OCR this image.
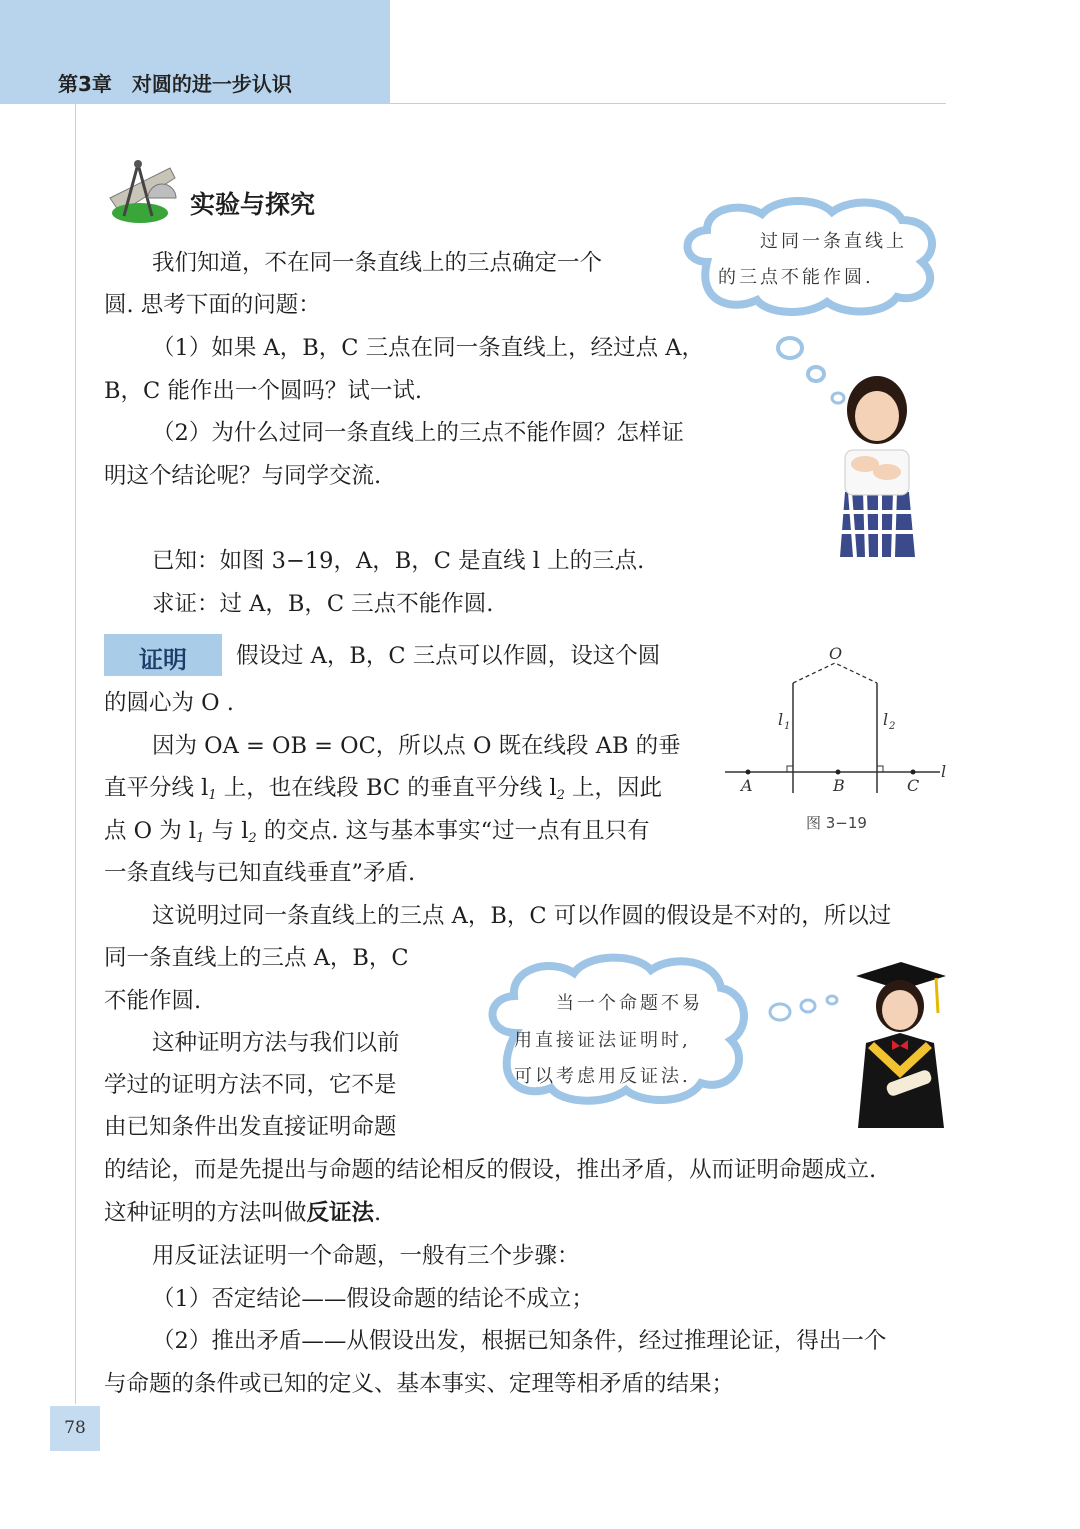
第3章　对圆的进一步认识
实验与探究
过同一条直线上
的三点不能作圆.

我们知道，不在同一条直线上的三点确定一个

圆. 思考下面的问题：

（1）如果 A，B，C 三点在同一条直线上，经过点 A，

B，C 能作出一个圆吗？试一试.

（2）为什么过同一条直线上的三点不能作圆？怎样证

明这个结论呢？与同学交流.

已知：如图 3−19，A，B，C 是直线 l 上的三点.

求证：过 A，B，C 三点不能作圆.

证明	假设过 A，B，C 三点可以作圆，设这个圆

的圆心为 O .

因为 OA = OB = OC，所以点 O 既在线段 AB 的垂

直平分线 $l_1$ 上，也在线段 BC 的垂直平分线 $l_2$ 上，因此

点 O 为 $l_1$ 与 $l_2$ 的交点. 这与基本事实“过一点有且只有

一条直线与已知直线垂直”矛盾.

这说明过同一条直线上的三点 A，B，C 可以作圆的假设是不对的，所以过

同一条直线上的三点 A，B，C

不能作圆.

O
l 1	l 2
A	B	C
l
图 3−19
当一个命题不易
用直接证法证明时,
可以考虑用反证法.

这种证明方法与我们以前

学过的证明方法不同，它不是

由已知条件出发直接证明命题

的结论，而是先提出与命题的结论相反的假设，推出矛盾，从而证明命题成立.

这种证明的方法叫做反证法.

用反证法证明一个命题，一般有三个步骤：

（1）否定结论——假设命题的结论不成立；

（2）推出矛盾——从假设出发，根据已知条件，经过推理论证，得出一个

与命题的条件或已知的定义、基本事实、定理等相矛盾的结果；

78
